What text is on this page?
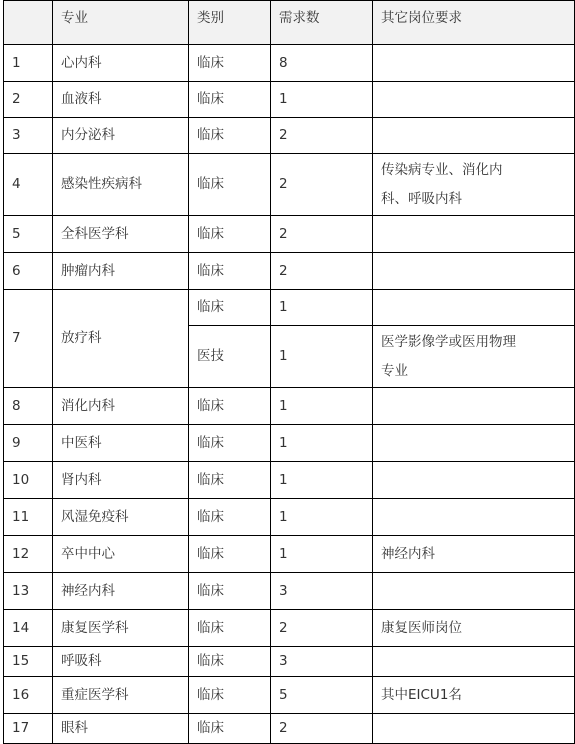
	专业	类别	需求数	其它岗位要求
1	心内科	临床	8	
2	血液科	临床	1	
3	内分泌科	临床	2	
4	感染性疾病科	临床	2	传染病专业、消化内科、呼吸内科
5	全科医学科	临床	2	
6	肿瘤内科	临床	2	
7	放疗科	临床	1	
		医技	1	医学影像学或医用物理专业
8	消化内科	临床	1	
9	中医科	临床	1	
10	肾内科	临床	1	
11	风湿免疫科	临床	1	
12	卒中中心	临床	1	神经内科
13	神经内科	临床	3	
14	康复医学科	临床	2	康复医师岗位
15	呼吸科	临床	3	
16	重症医学科	临床	5	其中EICU1名
17	眼科	临床	2	
